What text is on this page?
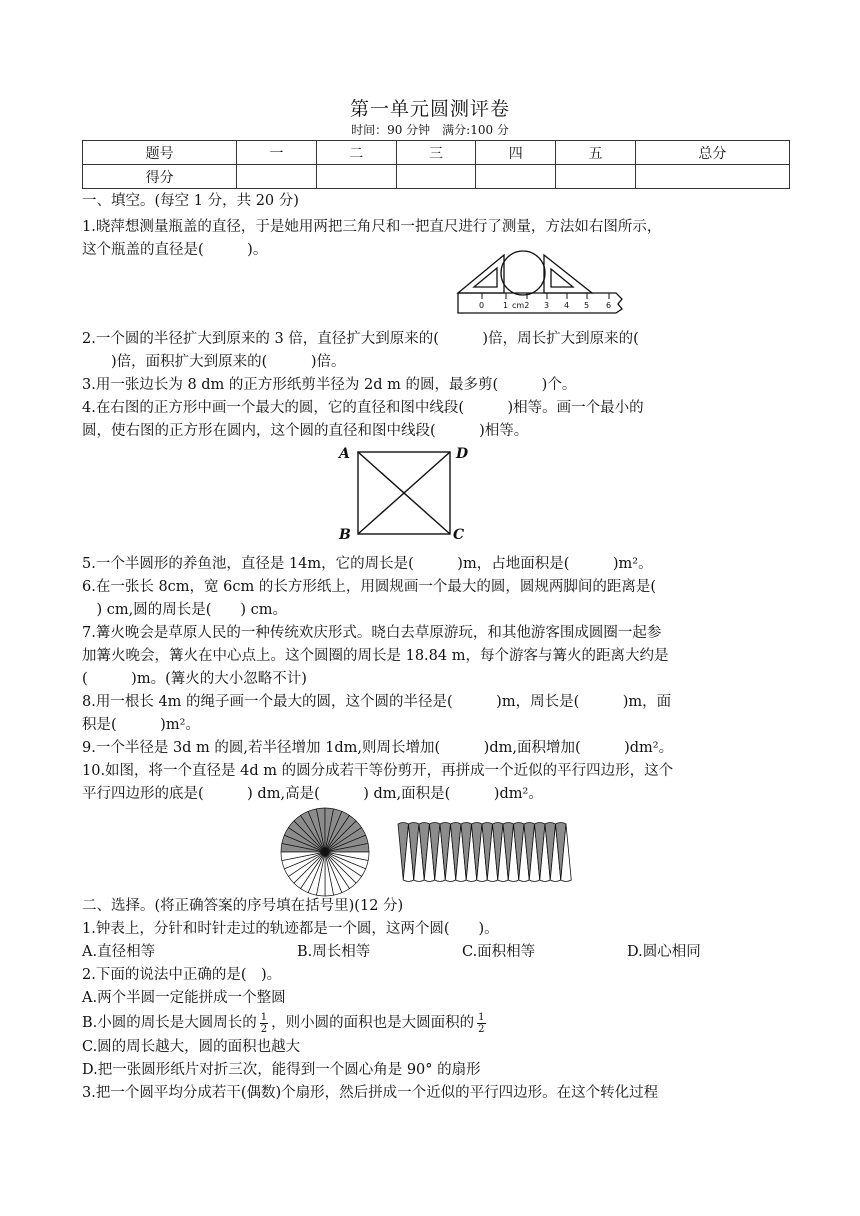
第一单元圆测评卷
时间：90 分钟　满分:100 分
题号	一	二	三	四	五	总分
得分						
一、填空。(每空 1 分，共 20 分)
1.晓萍想测量瓶盖的直径，于是她用两把三角尺和一把直尺进行了测量，方法如右图所示，
这个瓶盖的直径是(　　　)。
0 1 cm2 3 4 5 6
2.一个圆的半径扩大到原来的 3 倍，直径扩大到原来的(　　　)倍，周长扩大到原来的(
　　)倍，面积扩大到原来的(　　　)倍。
3.用一张边长为 8 dm 的正方形纸剪半径为 2d m 的圆，最多剪(　　　)个。
4.在右图的正方形中画一个最大的圆，它的直径和图中线段(　　　)相等。画一个最小的
圆，使右图的正方形在圆内，这个圆的直径和图中线段(　　　)相等。
A	D
B	C
5.一个半圆形的养鱼池，直径是 14m，它的周长是(　　　)m，占地面积是(　　　)m²。
6.在一张长 8cm，宽 6cm 的长方形纸上，用圆规画一个最大的圆，圆规两脚间的距离是(
　) cm,圆的周长是(　　) cm。
7.篝火晚会是草原人民的一种传统欢庆形式。晓白去草原游玩，和其他游客围成圆圈一起参
加篝火晚会，篝火在中心点上。这个圆圈的周长是 18.84 m，每个游客与篝火的距离大约是
(　　　)m。(篝火的大小忽略不计)
8.用一根长 4m 的绳子画一个最大的圆，这个圆的半径是(　　　)m，周长是(　　　)m，面
积是(　　　)m²。
9.一个半径是 3d m 的圆,若半径增加 1dm,则周长增加(　　　)dm,面积增加(　　　)dm²。
10.如图，将一个直径是 4d m 的圆分成若干等份剪开，再拼成一个近似的平行四边形，这个
平行四边形的底是(　　　) dm,高是(　　　) dm,面积是(　　　)dm²。
二、选择。(将正确答案的序号填在括号里)(12 分)
1.钟表上，分针和时针走过的轨迹都是一个圆，这两个圆(　　)。
A.直径相等	B.周长相等	C.面积相等	D.圆心相同
2.下面的说法中正确的是(　)。
A.两个半圆一定能拼成一个整圆
B.小圆的周长是大圆周长的 $\frac{1}{2}$ ，则小圆的面积也是大圆面积的 $\frac{1}{2}$
C.圆的周长越大，圆的面积也越大
D.把一张圆形纸片对折三次，能得到一个圆心角是 90° 的扇形
3.把一个圆平均分成若干(偶数)个扇形，然后拼成一个近似的平行四边形。在这个转化过程
